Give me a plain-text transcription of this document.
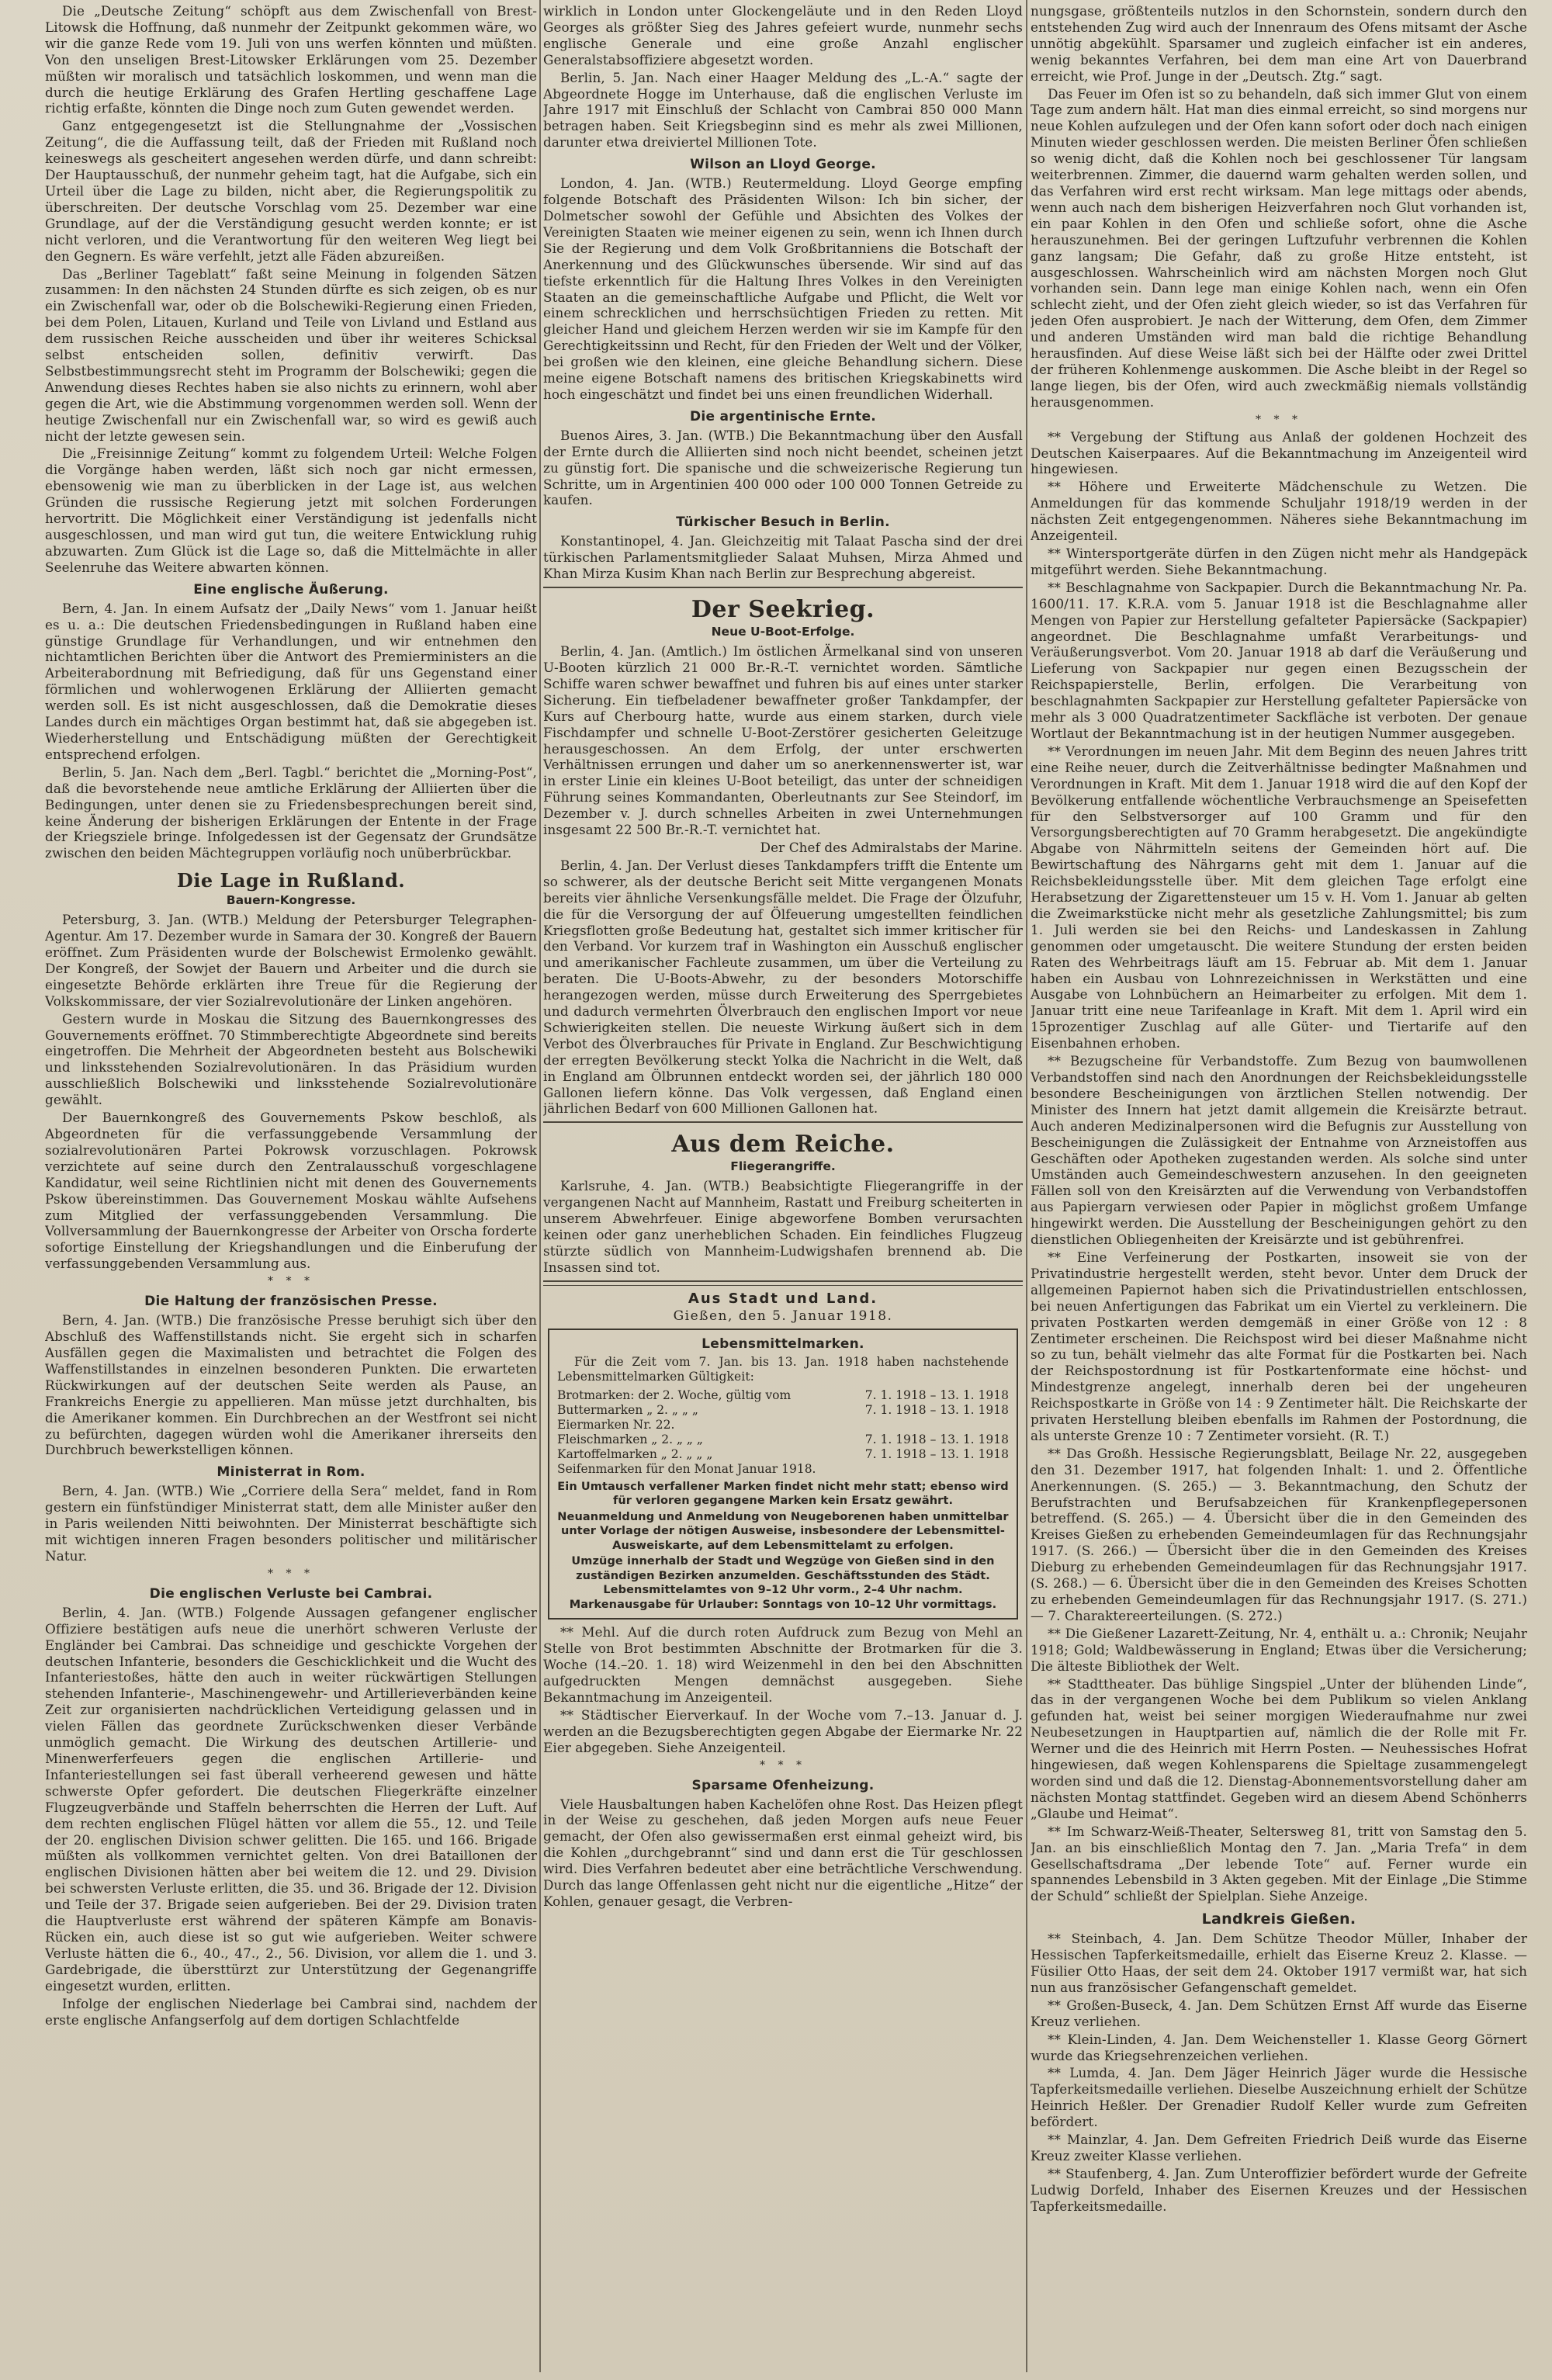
Die „Deutsche Zeitung“ schöpft aus dem Zwischenfall von Brest-Litowsk die Hoffnung, daß nunmehr der Zeitpunkt gekommen wäre, wo wir die ganze Rede vom 19. Juli von uns werfen könnten und müßten. Von den unseligen Brest-Litowsker Erklärungen vom 25. Dezember müßten wir moralisch und tatsächlich loskommen, und wenn man die durch die heutige Erklärung des Grafen Hertling geschaffene Lage richtig erfaßte, könnten die Dinge noch zum Guten gewendet werden.

Ganz entgegengesetzt ist die Stellungnahme der „Vossischen Zeitung“, die die Auffassung teilt, daß der Frieden mit Rußland noch keineswegs als gescheitert angesehen werden dürfe, und dann schreibt: Der Hauptausschuß, der nunmehr geheim tagt, hat die Aufgabe, sich ein Urteil über die Lage zu bilden, nicht aber, die Regierungspolitik zu überschreiten. Der deutsche Vorschlag vom 25. Dezember war eine Grundlage, auf der die Verständigung gesucht werden konnte; er ist nicht verloren, und die Verantwortung für den weiteren Weg liegt bei den Gegnern. Es wäre verfehlt, jetzt alle Fäden abzureißen.

Das „Berliner Tageblatt“ faßt seine Meinung in folgenden Sätzen zusammen: In den nächsten 24 Stunden dürfte es sich zeigen, ob es nur ein Zwischenfall war, oder ob die Bolschewiki-Regierung einen Frieden, bei dem Polen, Litauen, Kurland und Teile von Livland und Estland aus dem russischen Reiche ausscheiden und über ihr weiteres Schicksal selbst entscheiden sollen, definitiv verwirft. Das Selbstbestimmungsrecht steht im Programm der Bolschewiki; gegen die Anwendung dieses Rechtes haben sie also nichts zu erinnern, wohl aber gegen die Art, wie die Abstimmung vorgenommen werden soll. Wenn der heutige Zwischenfall nur ein Zwischenfall war, so wird es gewiß auch nicht der letzte gewesen sein.

Die „Freisinnige Zeitung“ kommt zu folgendem Urteil: Welche Folgen die Vorgänge haben werden, läßt sich noch gar nicht ermessen, ebensowenig wie man zu überblicken in der Lage ist, aus welchen Gründen die russische Regierung jetzt mit solchen Forderungen hervortritt. Die Möglichkeit einer Verständigung ist jedenfalls nicht ausgeschlossen, und man wird gut tun, die weitere Entwicklung ruhig abzuwarten. Zum Glück ist die Lage so, daß die Mittelmächte in aller Seelenruhe das Weitere abwarten können.

Eine englische Äußerung.

Bern, 4. Jan. In einem Aufsatz der „Daily News“ vom 1. Januar heißt es u. a.: Die deutschen Friedensbedingungen in Rußland haben eine günstige Grundlage für Verhandlungen, und wir entnehmen den nichtamtlichen Berichten über die Antwort des Premierministers an die Arbeiterabordnung mit Befriedigung, daß für uns Gegenstand einer förmlichen und wohlerwogenen Erklärung der Alliierten gemacht werden soll. Es ist nicht ausgeschlossen, daß die Demokratie dieses Landes durch ein mächtiges Organ bestimmt hat, daß sie abgegeben ist. Wiederherstellung und Entschädigung müßten der Gerechtigkeit entsprechend erfolgen.

Berlin, 5. Jan. Nach dem „Berl. Tagbl.“ berichtet die „Morning-Post“, daß die bevorstehende neue amtliche Erklärung der Alliierten über die Bedingungen, unter denen sie zu Friedensbesprechungen bereit sind, keine Änderung der bisherigen Erklärungen der Entente in der Frage der Kriegsziele bringe. Infolgedessen ist der Gegensatz der Grundsätze zwischen den beiden Mächtegruppen vorläufig noch unüberbrückbar.

Die Lage in Rußland.
Bauern-Kongresse.

Petersburg, 3. Jan. (WTB.) Meldung der Petersburger Telegraphen-Agentur. Am 17. Dezember wurde in Samara der 30. Kongreß der Bauern eröffnet. Zum Präsidenten wurde der Bolschewist Ermolenko gewählt. Der Kongreß, der Sowjet der Bauern und Arbeiter und die durch sie eingesetzte Behörde erklärten ihre Treue für die Regierung der Volkskommissare, der vier Sozialrevolutionäre der Linken angehören.

Gestern wurde in Moskau die Sitzung des Bauernkongresses des Gouvernements eröffnet. 70 Stimmberechtigte Abgeordnete sind bereits eingetroffen. Die Mehrheit der Abgeordneten besteht aus Bolschewiki und linksstehenden Sozialrevolutionären. In das Präsidium wurden ausschließlich Bolschewiki und linksstehende Sozialrevolutionäre gewählt.

Der Bauernkongreß des Gouvernements Pskow beschloß, als Abgeordneten für die verfassunggebende Versammlung der sozialrevolutionären Partei Pokrowsk vorzuschlagen. Pokrowsk verzichtete auf seine durch den Zentralausschuß vorgeschlagene Kandidatur, weil seine Richtlinien nicht mit denen des Gouvernements Pskow übereinstimmen. Das Gouvernement Moskau wählte Aufsehens zum Mitglied der verfassunggebenden Versammlung. Die Vollversammlung der Bauernkongresse der Arbeiter von Orscha forderte sofortige Einstellung der Kriegshandlungen und die Einberufung der verfassunggebenden Versammlung aus.

* * *
Die Haltung der französischen Presse.

Bern, 4. Jan. (WTB.) Die französische Presse beruhigt sich über den Abschluß des Waffenstillstands nicht. Sie ergeht sich in scharfen Ausfällen gegen die Maximalisten und betrachtet die Folgen des Waffenstillstandes in einzelnen besonderen Punkten. Die erwarteten Rückwirkungen auf der deutschen Seite werden als Pause, an Frankreichs Energie zu appellieren. Man müsse jetzt durchhalten, bis die Amerikaner kommen. Ein Durchbrechen an der Westfront sei nicht zu befürchten, dagegen würden wohl die Amerikaner ihrerseits den Durchbruch bewerkstelligen können.

Ministerrat in Rom.

Bern, 4. Jan. (WTB.) Wie „Corriere della Sera“ meldet, fand in Rom gestern ein fünfstündiger Ministerrat statt, dem alle Minister außer den in Paris weilenden Nitti beiwohnten. Der Ministerrat beschäftigte sich mit wichtigen inneren Fragen besonders politischer und militärischer Natur.

* * *
Die englischen Verluste bei Cambrai.

Berlin, 4. Jan. (WTB.) Folgende Aussagen gefangener englischer Offiziere bestätigen aufs neue die unerhört schweren Verluste der Engländer bei Cambrai. Das schneidige und geschickte Vorgehen der deutschen Infanterie, besonders die Geschicklichkeit und die Wucht des Infanteriestoßes, hätte den auch in weiter rückwärtigen Stellungen stehenden Infanterie-, Maschinengewehr- und Artillerieverbänden keine Zeit zur organisierten nachdrücklichen Verteidigung gelassen und in vielen Fällen das geordnete Zurückschwenken dieser Verbände unmöglich gemacht. Die Wirkung des deutschen Artillerie- und Minenwerferfeuers gegen die englischen Artillerie- und Infanteriestellungen sei fast überall verheerend gewesen und hätte schwerste Opfer gefordert. Die deutschen Fliegerkräfte einzelner Flugzeugverbände und Staffeln beherrschten die Herren der Luft. Auf dem rechten englischen Flügel hätten vor allem die 55., 12. und Teile der 20. englischen Division schwer gelitten. Die 165. und 166. Brigade müßten als vollkommen vernichtet gelten. Von drei Bataillonen der englischen Divisionen hätten aber bei weitem die 12. und 29. Division bei schwersten Verluste erlitten, die 35. und 36. Brigade der 12. Division und Teile der 37. Brigade seien aufgerieben. Bei der 29. Division traten die Hauptverluste erst während der späteren Kämpfe am Bonavis-Rücken ein, auch diese ist so gut wie aufgerieben. Weiter schwere Verluste hätten die 6., 40., 47., 2., 56. Division, vor allem die 1. und 3. Gardebrigade, die übersttürzt zur Unterstützung der Gegenangriffe eingesetzt wurden, erlitten.

Infolge der englischen Niederlage bei Cambrai sind, nachdem der erste englische Anfangserfolg auf dem dortigen Schlachtfelde

wirklich in London unter Glockengeläute und in den Reden Lloyd Georges als größter Sieg des Jahres gefeiert wurde, nunmehr sechs englische Generale und eine große Anzahl englischer Generalstabsoffiziere abgesetzt worden.

Berlin, 5. Jan. Nach einer Haager Meldung des „L.-A.“ sagte der Abgeordnete Hogge im Unterhause, daß die englischen Verluste im Jahre 1917 mit Einschluß der Schlacht von Cambrai 850 000 Mann betragen haben. Seit Kriegsbeginn sind es mehr als zwei Millionen, darunter etwa dreiviertel Millionen Tote.

Wilson an Lloyd George.

London, 4. Jan. (WTB.) Reutermeldung. Lloyd George empfing folgende Botschaft des Präsidenten Wilson: Ich bin sicher, der Dolmetscher sowohl der Gefühle und Absichten des Volkes der Vereinigten Staaten wie meiner eigenen zu sein, wenn ich Ihnen durch Sie der Regierung und dem Volk Großbritanniens die Botschaft der Anerkennung und des Glückwunsches übersende. Wir sind auf das tiefste erkenntlich für die Haltung Ihres Volkes in den Vereinigten Staaten an die gemeinschaftliche Aufgabe und Pflicht, die Welt vor einem schrecklichen und herrschsüchtigen Frieden zu retten. Mit gleicher Hand und gleichem Herzen werden wir sie im Kampfe für den Gerechtigkeitssinn und Recht, für den Frieden der Welt und der Völker, bei großen wie den kleinen, eine gleiche Behandlung sichern. Diese meine eigene Botschaft namens des britischen Kriegskabinetts wird hoch eingeschätzt und findet bei uns einen freundlichen Widerhall.

Die argentinische Ernte.

Buenos Aires, 3. Jan. (WTB.) Die Bekanntmachung über den Ausfall der Ernte durch die Alliierten sind noch nicht beendet, scheinen jetzt zu günstig fort. Die spanische und die schweizerische Regierung tun Schritte, um in Argentinien 400 000 oder 100 000 Tonnen Getreide zu kaufen.

Türkischer Besuch in Berlin.

Konstantinopel, 4. Jan. Gleichzeitig mit Talaat Pascha sind der drei türkischen Parlamentsmitglieder Salaat Muhsen, Mirza Ahmed und Khan Mirza Kusim Khan nach Berlin zur Besprechung abgereist.

Der Seekrieg.
Neue U-Boot-Erfolge.

Berlin, 4. Jan. (Amtlich.) Im östlichen Ärmelkanal sind von unseren U-Booten kürzlich 21 000 Br.-R.-T. vernichtet worden. Sämtliche Schiffe waren schwer bewaffnet und fuhren bis auf eines unter starker Sicherung. Ein tiefbeladener bewaffneter großer Tankdampfer, der Kurs auf Cherbourg hatte, wurde aus einem starken, durch viele Fischdampfer und schnelle U-Boot-Zerstörer gesicherten Geleitzuge herausgeschossen. An dem Erfolg, der unter erschwerten Verhältnissen errungen und daher um so anerkennenswerter ist, war in erster Linie ein kleines U-Boot beteiligt, das unter der schneidigen Führung seines Kommandanten, Oberleutnants zur See Steindorf, im Dezember v. J. durch schnelles Arbeiten in zwei Unternehmungen insgesamt 22 500 Br.-R.-T. vernichtet hat.

Der Chef des Admiralstabs der Marine.

Berlin, 4. Jan. Der Verlust dieses Tankdampfers trifft die Entente um so schwerer, als der deutsche Bericht seit Mitte vergangenen Monats bereits vier ähnliche Versenkungsfälle meldet. Die Frage der Ölzufuhr, die für die Versorgung der auf Ölfeuerung umgestellten feindlichen Kriegsflotten große Bedeutung hat, gestaltet sich immer kritischer für den Verband. Vor kurzem traf in Washington ein Ausschuß englischer und amerikanischer Fachleute zusammen, um über die Verteilung zu beraten. Die U-Boots-Abwehr, zu der besonders Motorschiffe herangezogen werden, müsse durch Erweiterung des Sperrgebietes und dadurch vermehrten Ölverbrauch den englischen Import vor neue Schwierigkeiten stellen. Die neueste Wirkung äußert sich in dem Verbot des Ölverbrauches für Private in England. Zur Beschwichtigung der erregten Bevölkerung steckt Yolka die Nachricht in die Welt, daß in England am Ölbrunnen entdeckt worden sei, der jährlich 180 000 Gallonen liefern könne. Das Volk vergessen, daß England einen jährlichen Bedarf von 600 Millionen Gallonen hat.

Aus dem Reiche.
Fliegerangriffe.

Karlsruhe, 4. Jan. (WTB.) Beabsichtigte Fliegerangriffe in der vergangenen Nacht auf Mannheim, Rastatt und Freiburg scheiterten in unserem Abwehrfeuer. Einige abgeworfene Bomben verursachten keinen oder ganz unerheblichen Schaden. Ein feindliches Flugzeug stürzte südlich von Mannheim-Ludwigshafen brennend ab. Die Insassen sind tot.

Aus Stadt und Land.
Gießen, den 5. Januar 1918.
Lebensmittelmarken.

Für die Zeit vom 7. Jan. bis 13. Jan. 1918 haben nachstehende Lebensmittelmarken Gültigkeit:

Brotmarken: der 2. Woche, gültig vom	7. 1. 1918 – 13. 1. 1918
Buttermarken „ 2. „ „ „	7. 1. 1918 – 13. 1. 1918
Eiermarken Nr. 22.	
Fleischmarken „ 2. „ „ „	7. 1. 1918 – 13. 1. 1918
Kartoffelmarken „ 2. „ „ „	7. 1. 1918 – 13. 1. 1918
Seifenmarken für den Monat Januar 1918.	

Ein Umtausch verfallener Marken findet nicht mehr statt; ebenso wird für verloren gegangene Marken kein Ersatz gewährt.

Neuanmeldung und Anmeldung von Neugeborenen haben unmittelbar unter Vorlage der nötigen Ausweise, insbesondere der Lebensmittel-Ausweiskarte, auf dem Lebensmittelamt zu erfolgen.

Umzüge innerhalb der Stadt und Wegzüge von Gießen sind in den zuständigen Bezirken anzumelden. Geschäftsstunden des Städt. Lebensmittelamtes von 9–12 Uhr vorm., 2–4 Uhr nachm. Markenausgabe für Urlauber: Sonntags von 10–12 Uhr vormittags.

** Mehl. Auf die durch roten Aufdruck zum Bezug von Mehl an Stelle von Brot bestimmten Abschnitte der Brotmarken für die 3. Woche (14.–20. 1. 18) wird Weizenmehl in den bei den Abschnitten aufgedruckten Mengen demnächst ausgegeben. Siehe Bekanntmachung im Anzeigenteil.

** Städtischer Eierverkauf. In der Woche vom 7.–13. Januar d. J. werden an die Bezugsberechtigten gegen Abgabe der Eiermarke Nr. 22 Eier abgegeben. Siehe Anzeigenteil.

* * *
Sparsame Ofenheizung.

Viele Hausbaltungen haben Kachelöfen ohne Rost. Das Heizen pflegt in der Weise zu geschehen, daß jeden Morgen aufs neue Feuer gemacht, der Ofen also gewissermaßen erst einmal geheizt wird, bis die Kohlen „durchgebrannt“ sind und dann erst die Tür geschlossen wird. Dies Verfahren bedeutet aber eine beträchtliche Verschwendung. Durch das lange Offenlassen geht nicht nur die eigentliche „Hitze“ der Kohlen, genauer gesagt, die Verbren-

nungsgase, größtenteils nutzlos in den Schornstein, sondern durch den entstehenden Zug wird auch der Innenraum des Ofens mitsamt der Asche unnötig abgekühlt. Sparsamer und zugleich einfacher ist ein anderes, wenig bekanntes Verfahren, bei dem man eine Art von Dauerbrand erreicht, wie Prof. Junge in der „Deutsch. Ztg.“ sagt.

Das Feuer im Ofen ist so zu behandeln, daß sich immer Glut von einem Tage zum andern hält. Hat man dies einmal erreicht, so sind morgens nur neue Kohlen aufzulegen und der Ofen kann sofort oder doch nach einigen Minuten wieder geschlossen werden. Die meisten Berliner Öfen schließen so wenig dicht, daß die Kohlen noch bei geschlossener Tür langsam weiterbrennen. Zimmer, die dauernd warm gehalten werden sollen, und das Verfahren wird erst recht wirksam. Man lege mittags oder abends, wenn auch nach dem bisherigen Heizverfahren noch Glut vorhanden ist, ein paar Kohlen in den Ofen und schließe sofort, ohne die Asche herauszunehmen. Bei der geringen Luftzufuhr verbrennen die Kohlen ganz langsam; Die Gefahr, daß zu große Hitze entsteht, ist ausgeschlossen. Wahrscheinlich wird am nächsten Morgen noch Glut vorhanden sein. Dann lege man einige Kohlen nach, wenn ein Ofen schlecht zieht, und der Ofen zieht gleich wieder, so ist das Verfahren für jeden Ofen ausprobiert. Je nach der Witterung, dem Ofen, dem Zimmer und anderen Umständen wird man bald die richtige Behandlung herausfinden. Auf diese Weise läßt sich bei der Hälfte oder zwei Drittel der früheren Kohlenmenge auskommen. Die Asche bleibt in der Regel so lange liegen, bis der Ofen, wird auch zweckmäßig niemals vollständig herausgenommen.

* * *

** Vergebung der Stiftung aus Anlaß der goldenen Hochzeit des Deutschen Kaiserpaares. Auf die Bekanntmachung im Anzeigenteil wird hingewiesen.

** Höhere und Erweiterte Mädchenschule zu Wetzen. Die Anmeldungen für das kommende Schuljahr 1918/19 werden in der nächsten Zeit entgegengenommen. Näheres siehe Bekanntmachung im Anzeigenteil.

** Wintersportgeräte dürfen in den Zügen nicht mehr als Handgepäck mitgeführt werden. Siehe Bekanntmachung.

** Beschlagnahme von Sackpapier. Durch die Bekanntmachung Nr. Pa. 1600/11. 17. K.R.A. vom 5. Januar 1918 ist die Beschlagnahme aller Mengen von Papier zur Herstellung gefalteter Papiersäcke (Sackpapier) angeordnet. Die Beschlagnahme umfaßt Verarbeitungs- und Veräußerungsverbot. Vom 20. Januar 1918 ab darf die Veräußerung und Lieferung von Sackpapier nur gegen einen Bezugsschein der Reichspapierstelle, Berlin, erfolgen. Die Verarbeitung von beschlagnahmten Sackpapier zur Herstellung gefalteter Papiersäcke von mehr als 3 000 Quadratzentimeter Sackfläche ist verboten. Der genaue Wortlaut der Bekanntmachung ist in der heutigen Nummer ausgegeben.

** Verordnungen im neuen Jahr. Mit dem Beginn des neuen Jahres tritt eine Reihe neuer, durch die Zeitverhältnisse bedingter Maßnahmen und Verordnungen in Kraft. Mit dem 1. Januar 1918 wird die auf den Kopf der Bevölkerung entfallende wöchentliche Verbrauchsmenge an Speisefetten für den Selbstversorger auf 100 Gramm und für den Versorgungsberechtigten auf 70 Gramm herabgesetzt. Die angekündigte Abgabe von Nährmitteln seitens der Gemeinden hört auf. Die Bewirtschaftung des Nährgarns geht mit dem 1. Januar auf die Reichsbekleidungsstelle über. Mit dem gleichen Tage erfolgt eine Herabsetzung der Zigarettensteuer um 15 v. H. Vom 1. Januar ab gelten die Zweimarkstücke nicht mehr als gesetzliche Zahlungsmittel; bis zum 1. Juli werden sie bei den Reichs- und Landeskassen in Zahlung genommen oder umgetauscht. Die weitere Stundung der ersten beiden Raten des Wehrbeitrags läuft am 15. Februar ab. Mit dem 1. Januar haben ein Ausbau von Lohnrezeichnissen in Werkstätten und eine Ausgabe von Lohnbüchern an Heimarbeiter zu erfolgen. Mit dem 1. Januar tritt eine neue Tarifeanlage in Kraft. Mit dem 1. April wird ein 15prozentiger Zuschlag auf alle Güter- und Tiertarife auf den Eisenbahnen erhoben.

** Bezugscheine für Verbandstoffe. Zum Bezug von baumwollenen Verbandstoffen sind nach den Anordnungen der Reichsbekleidungsstelle besondere Bescheinigungen von ärztlichen Stellen notwendig. Der Minister des Innern hat jetzt damit allgemein die Kreisärzte betraut. Auch anderen Medizinalpersonen wird die Befugnis zur Ausstellung von Bescheinigungen die Zulässigkeit der Entnahme von Arzneistoffen aus Geschäften oder Apotheken zugestanden werden. Als solche sind unter Umständen auch Gemeindeschwestern anzusehen. In den geeigneten Fällen soll von den Kreisärzten auf die Verwendung von Verbandstoffen aus Papiergarn verwiesen oder Papier in möglichst großem Umfange hingewirkt werden. Die Ausstellung der Bescheinigungen gehört zu den dienstlichen Obliegenheiten der Kreisärzte und ist gebührenfrei.

** Eine Verfeinerung der Postkarten, insoweit sie von der Privatindustrie hergestellt werden, steht bevor. Unter dem Druck der allgemeinen Papiernot haben sich die Privatindustriellen entschlossen, bei neuen Anfertigungen das Fabrikat um ein Viertel zu verkleinern. Die privaten Postkarten werden demgemäß in einer Größe von 12 : 8 Zentimeter erscheinen. Die Reichspost wird bei dieser Maßnahme nicht so zu tun, behält vielmehr das alte Format für die Postkarten bei. Nach der Reichspostordnung ist für Postkartenformate eine höchst- und Mindestgrenze angelegt, innerhalb deren bei der ungeheuren Reichspostkarte in Größe von 14 : 9 Zentimeter hält. Die Reichskarte der privaten Herstellung bleiben ebenfalls im Rahmen der Postordnung, die als unterste Grenze 10 : 7 Zentimeter vorsieht. (R. T.)

** Das Großh. Hessische Regierungsblatt, Beilage Nr. 22, ausgegeben den 31. Dezember 1917, hat folgenden Inhalt: 1. und 2. Öffentliche Anerkennungen. (S. 265.) — 3. Bekanntmachung, den Schutz der Berufstrachten und Berufsabzeichen für Krankenpflegepersonen betreffend. (S. 265.) — 4. Übersicht über die in den Gemeinden des Kreises Gießen zu erhebenden Gemeindeumlagen für das Rechnungsjahr 1917. (S. 266.) — Übersicht über die in den Gemeinden des Kreises Dieburg zu erhebenden Gemeindeumlagen für das Rechnungsjahr 1917. (S. 268.) — 6. Übersicht über die in den Gemeinden des Kreises Schotten zu erhebenden Gemeindeumlagen für das Rechnungsjahr 1917. (S. 271.) — 7. Charaktereerteilungen. (S. 272.)

** Die Gießener Lazarett-Zeitung, Nr. 4, enthält u. a.: Chronik; Neujahr 1918; Gold; Waldbewässerung in England; Etwas über die Versicherung; Die älteste Bibliothek der Welt.

** Stadttheater. Das bühlige Singspiel „Unter der blühenden Linde“, das in der vergangenen Woche bei dem Publikum so vielen Anklang gefunden hat, weist bei seiner morgigen Wiederaufnahme nur zwei Neubesetzungen in Hauptpartien auf, nämlich die der Rolle mit Fr. Werner und die des Heinrich mit Herrn Posten. — Neuhessisches Hofrat hingewiesen, daß wegen Kohlensparens die Spieltage zusammengelegt worden sind und daß die 12. Dienstag-Abonnementsvorstellung daher am nächsten Montag stattfindet. Gegeben wird an diesem Abend Schönherrs „Glaube und Heimat“.

** Im Schwarz-Weiß-Theater, Seltersweg 81, tritt von Samstag den 5. Jan. an bis einschließlich Montag den 7. Jan. „Maria Trefa“ in dem Gesellschaftsdrama „Der lebende Tote“ auf. Ferner wurde ein spannendes Lebensbild in 3 Akten gegeben. Mit der Einlage „Die Stimme der Schuld“ schließt der Spielplan. Siehe Anzeige.

Landkreis Gießen.

** Steinbach, 4. Jan. Dem Schütze Theodor Müller, Inhaber der Hessischen Tapferkeitsmedaille, erhielt das Eiserne Kreuz 2. Klasse. — Füsilier Otto Haas, der seit dem 24. Oktober 1917 vermißt war, hat sich nun aus französischer Gefangenschaft gemeldet.

** Großen-Buseck, 4. Jan. Dem Schützen Ernst Aff wurde das Eiserne Kreuz verliehen.

** Klein-Linden, 4. Jan. Dem Weichensteller 1. Klasse Georg Görnert wurde das Kriegsehrenzeichen verliehen.

** Lumda, 4. Jan. Dem Jäger Heinrich Jäger wurde die Hessische Tapferkeitsmedaille verliehen. Dieselbe Auszeichnung erhielt der Schütze Heinrich Heßler. Der Grenadier Rudolf Keller wurde zum Gefreiten befördert.

** Mainzlar, 4. Jan. Dem Gefreiten Friedrich Deiß wurde das Eiserne Kreuz zweiter Klasse verliehen.

** Staufenberg, 4. Jan. Zum Unteroffizier befördert wurde der Gefreite Ludwig Dorfeld, Inhaber des Eisernen Kreuzes und der Hessischen Tapferkeitsmedaille.
